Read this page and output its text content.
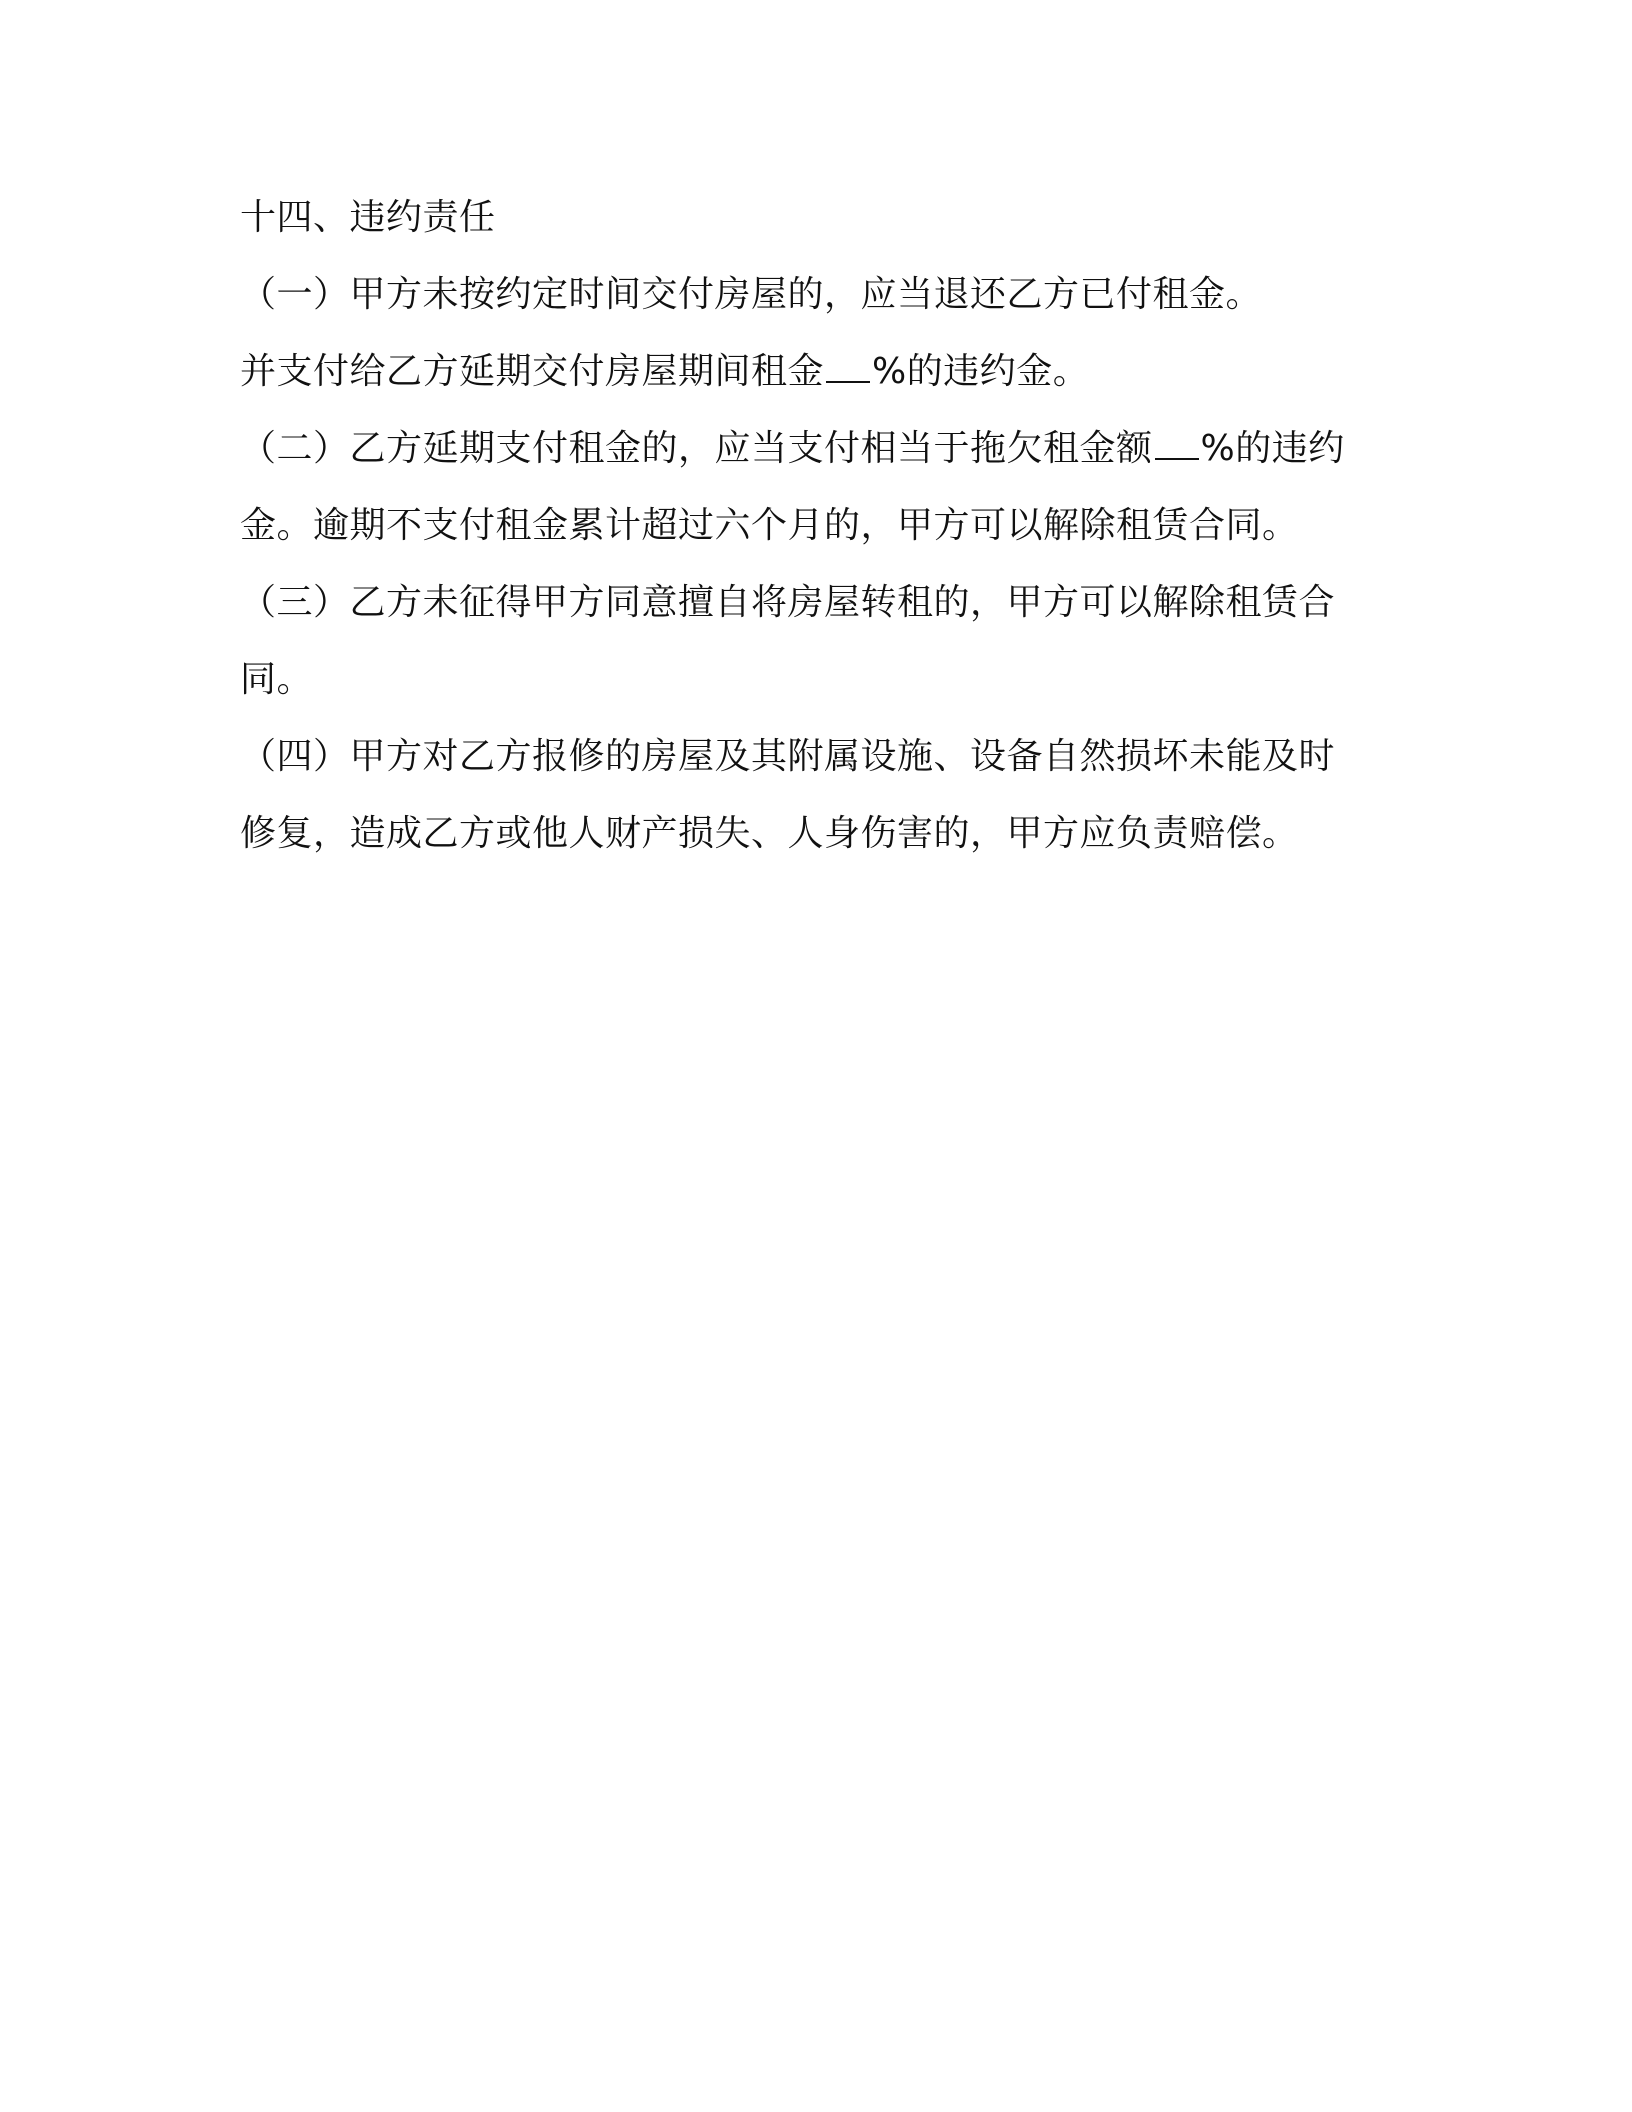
十四、违约责任
（一）甲方未按约定时间交付房屋的，应当退还乙方已付租金。
并支付给乙方延期交付房屋期间租金 %的违约金。
（二）乙方延期支付租金的，应当支付相当于拖欠租金额 %的违约
金。逾期不支付租金累计超过六个月的，甲方可以解除租赁合同。
（三）乙方未征得甲方同意擅自将房屋转租的，甲方可以解除租赁合
同。
（四）甲方对乙方报修的房屋及其附属设施、设备自然损坏未能及时
修复，造成乙方或他人财产损失、人身伤害的，甲方应负责赔偿。
